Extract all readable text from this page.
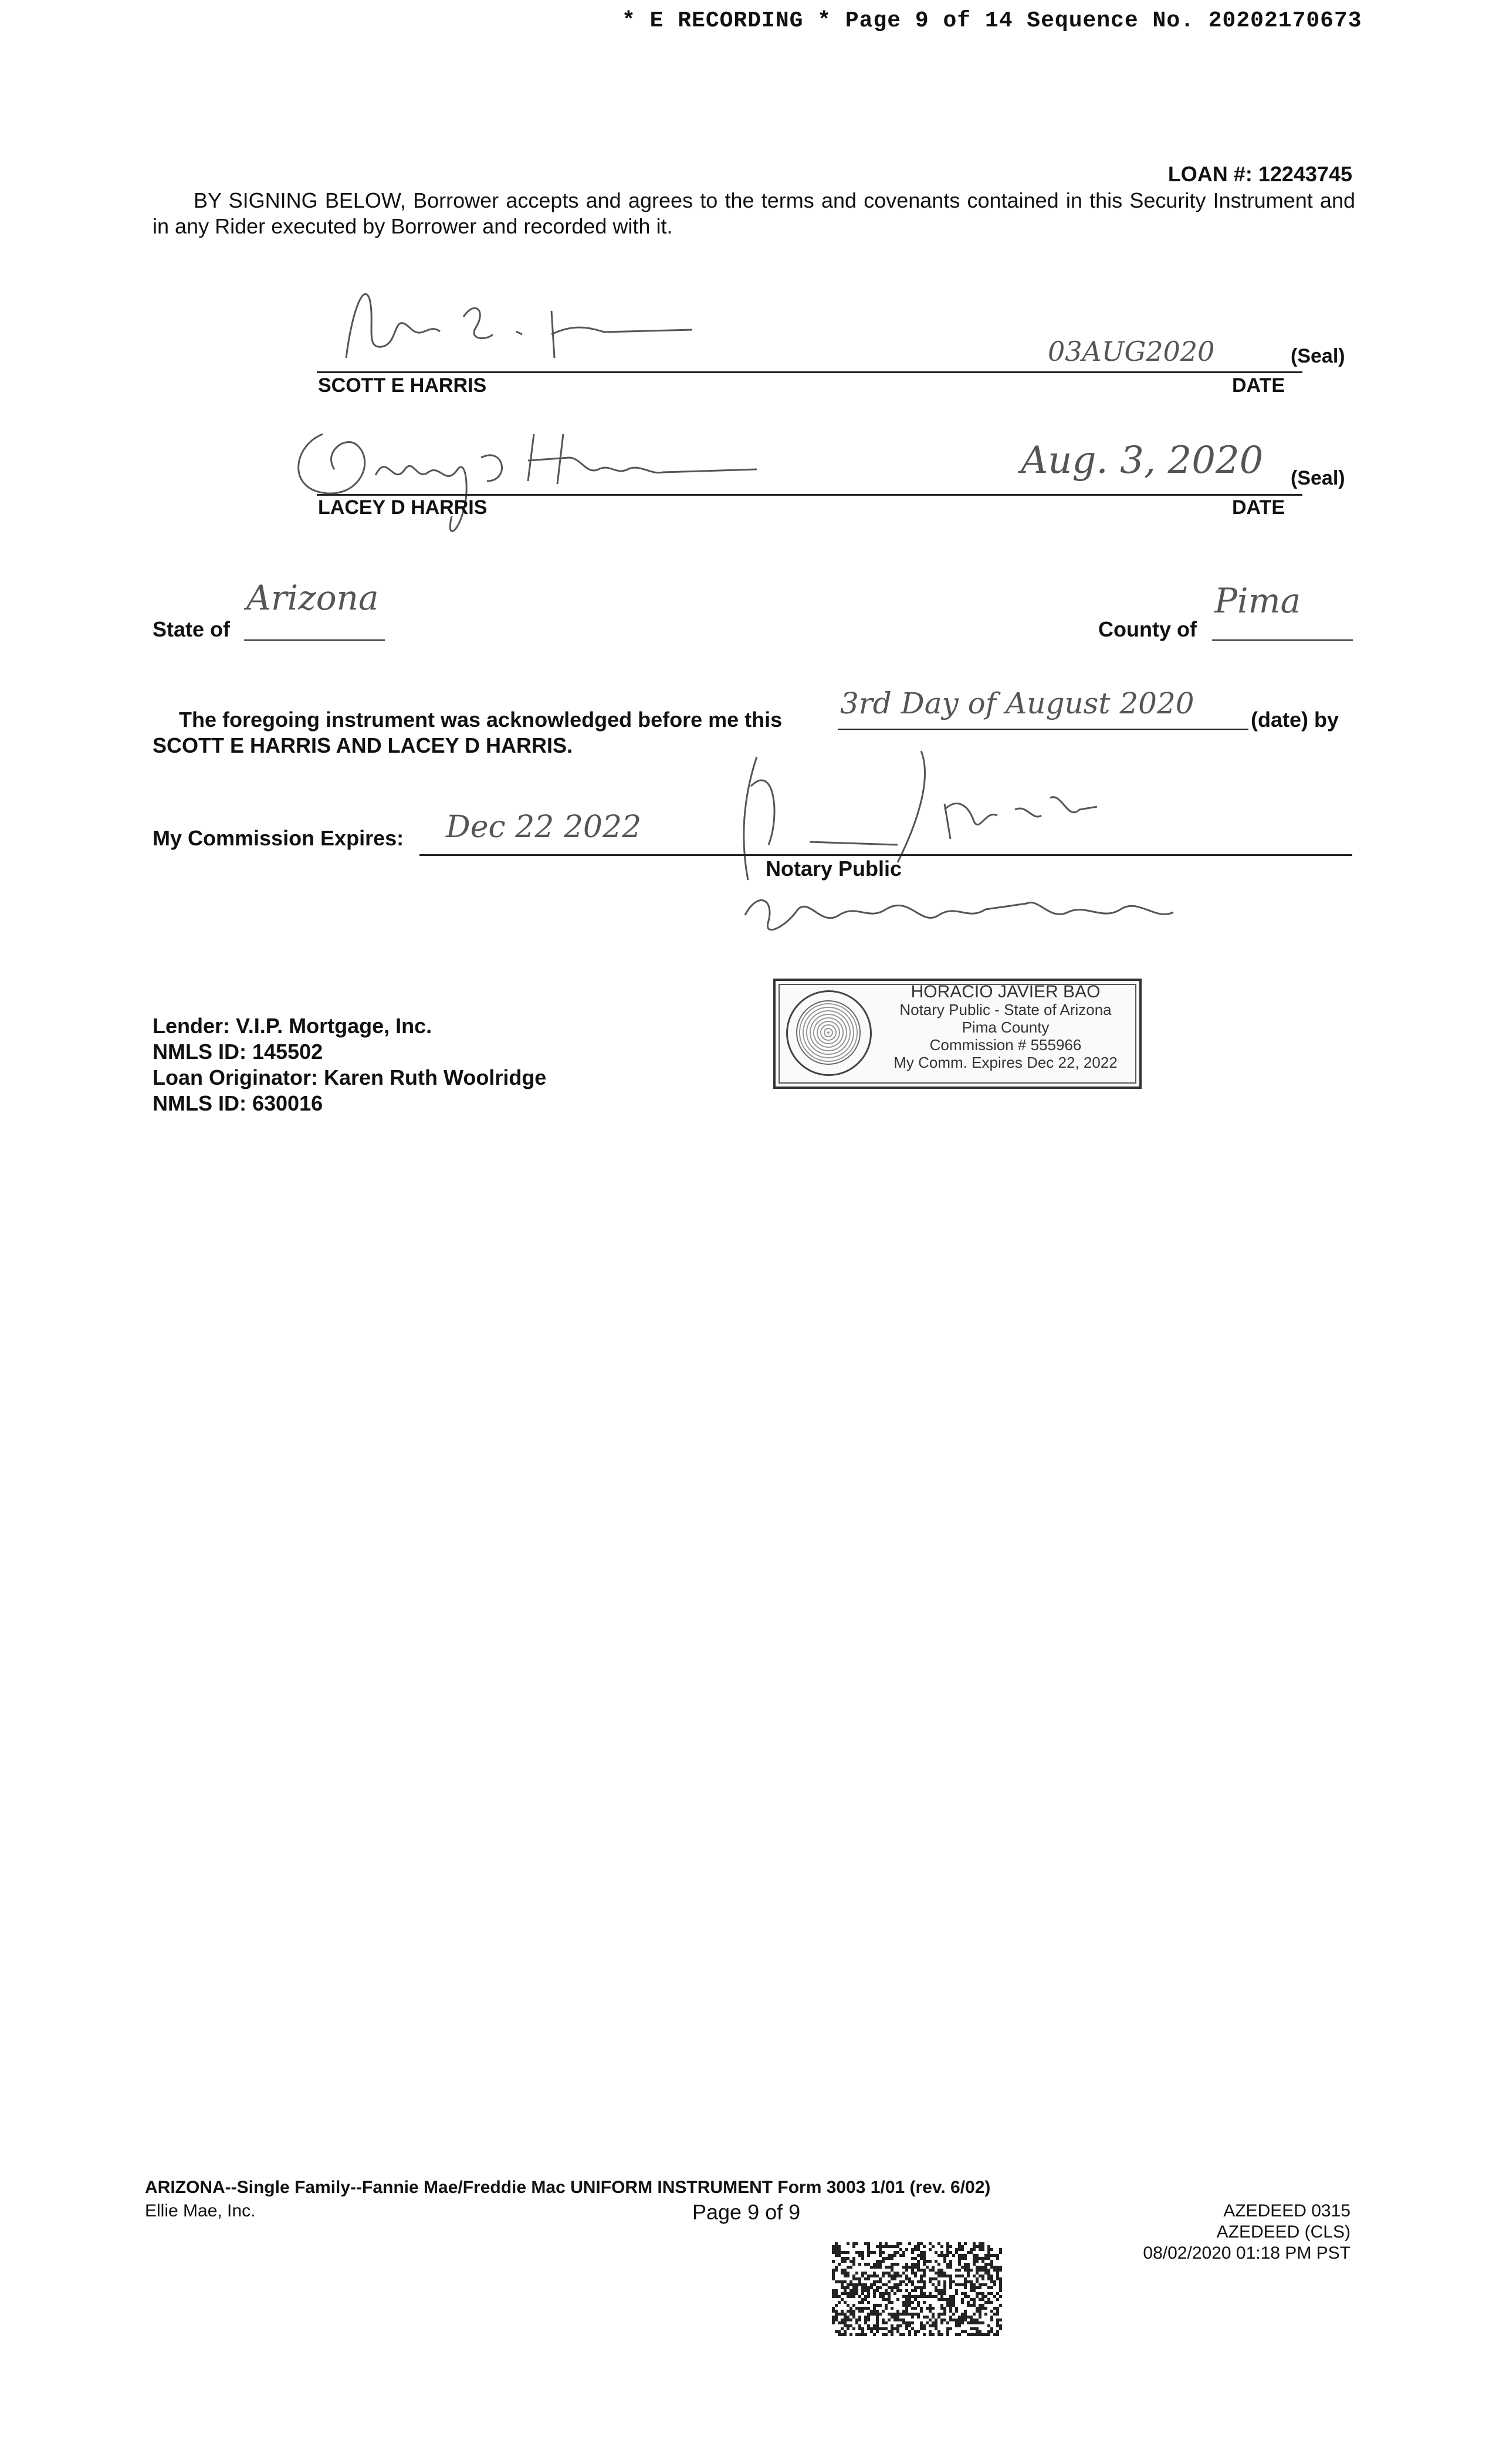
* E RECORDING * Page 9 of 14 Sequence No. 20202170673
LOAN #: 12243745
BY SIGNING BELOW, Borrower accepts and agrees to the terms and covenants contained in this Security Instrument and in any Rider executed by Borrower and recorded with it.
03AUG2020	(Seal)
SCOTT E HARRIS	DATE
Aug. 3, 2020 (Seal)
LACEY D HARRIS	DATE
State of
Arizona
County of
Pima
The foregoing instrument was acknowledged before me this 3rd Day of August 2020	(date) by
SCOTT E HARRIS AND LACEY D HARRIS.
My Commission Expires: Dec 22 2022
Notary Public
Lender: V.I.P. Mortgage, Inc.
NMLS ID: 145502
Loan Originator: Karen Ruth Woolridge
NMLS ID: 630016
HORACIO JAVIER BAO
Notary Public - State of Arizona
Pima County
Commission # 555966
My Comm. Expires Dec 22, 2022
ARIZONA--Single Family--Fannie Mae/Freddie Mac UNIFORM INSTRUMENT Form 3003 1/01 (rev. 6/02)
Ellie Mae, Inc.	Page 9 of 9	AZEDEED 0315
AZEDEED (CLS)
08/02/2020 01:18 PM PST
